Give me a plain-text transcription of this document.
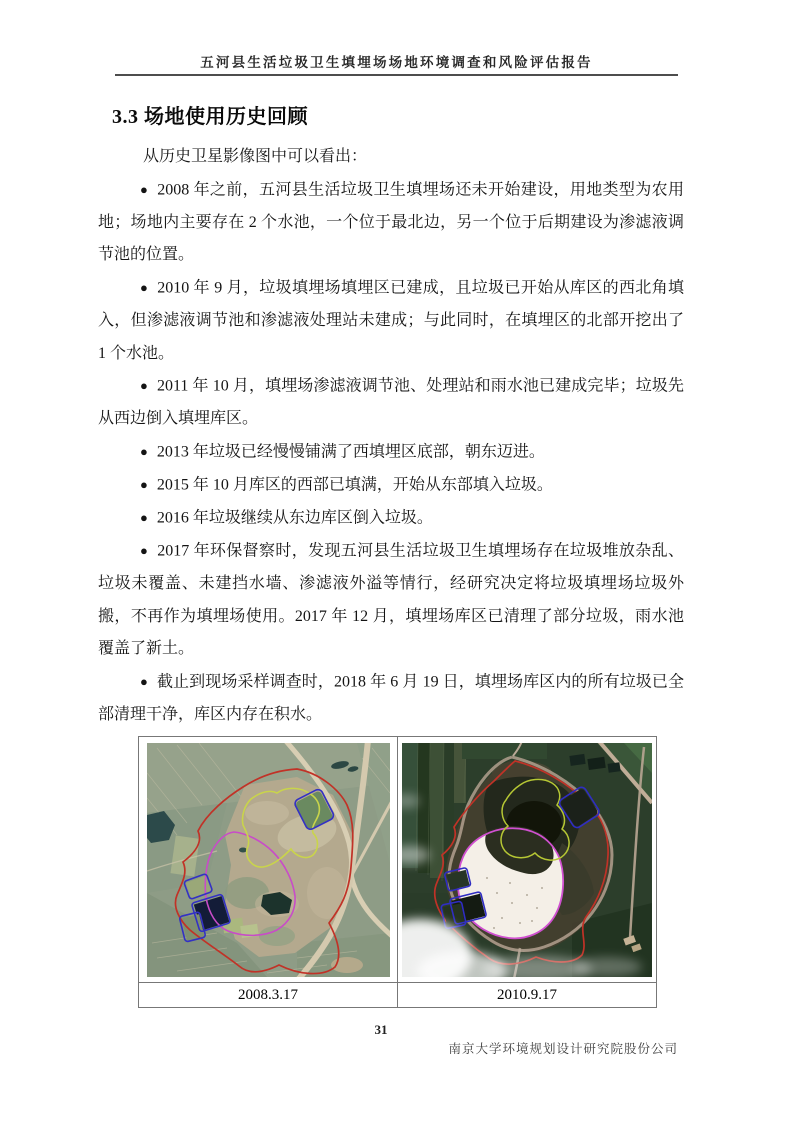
五河县生活垃圾卫生填埋场场地环境调查和风险评估报告
3.3 场地使用历史回顾

从历史卫星影像图中可以看出：

● 2008 年之前，五河县生活垃圾卫生填埋场还未开始建设，用地类型为农用地；场地内主要存在 2 个水池，一个位于最北边，另一个位于后期建设为渗滤液调节池的位置。

● 2010 年 9 月，垃圾填埋场填埋区已建成，且垃圾已开始从库区的西北角填入，但渗滤液调节池和渗滤液处理站未建成；与此同时，在填埋区的北部开挖出了 1 个水池。

● 2011 年 10 月，填埋场渗滤液调节池、处理站和雨水池已建成完毕；垃圾先从西边倒入填埋库区。

● 2013 年垃圾已经慢慢铺满了西填埋区底部，朝东迈进。

● 2015 年 10 月库区的西部已填满，开始从东部填入垃圾。

● 2016 年垃圾继续从东边库区倒入垃圾。

● 2017 年环保督察时，发现五河县生活垃圾卫生填埋场存在垃圾堆放杂乱、垃圾未覆盖、未建挡水墙、渗滤液外溢等情行，经研究决定将垃圾填埋场垃圾外搬，不再作为填埋场使用。2017 年 12 月，填埋场库区已清理了部分垃圾，雨水池覆盖了新土。

● 截止到现场采样调查时，2018 年 6 月 19 日，填埋场库区内的所有垃圾已全部清理干净，库区内存在积水。

2008.3.17	2010.9.17
31
南京大学环境规划设计研究院股份公司
